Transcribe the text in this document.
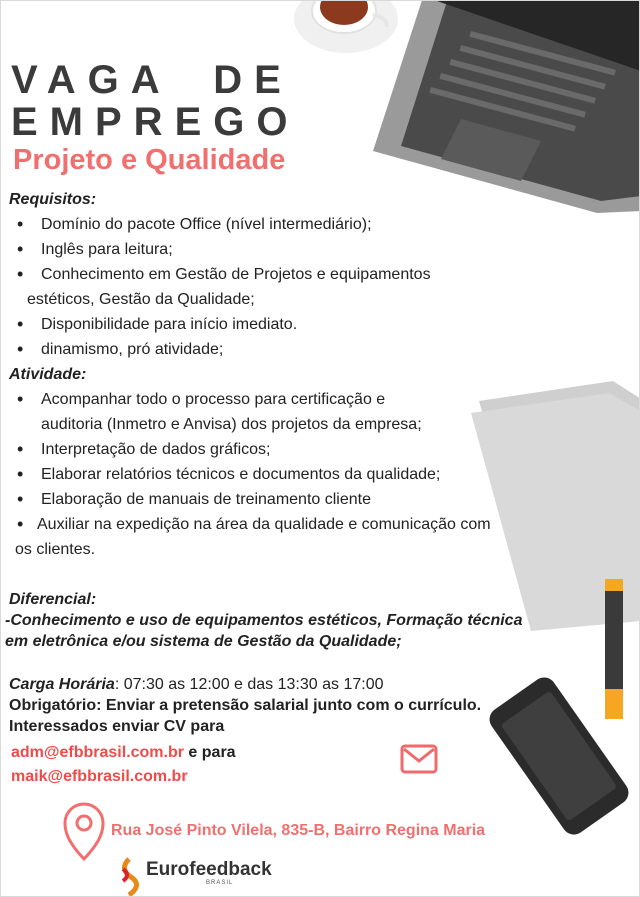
VAGA DE
EMPREGO
Projeto e Qualidade
Requisitos:
• Domínio do pacote Office (nível intermediário);
• Inglês para leitura;
• Conhecimento em Gestão de Projetos e equipamentos
estéticos, Gestão da Qualidade;
• Disponibilidade para início imediato.
• dinamismo, pró atividade;
Atividade:
• Acompanhar todo o processo para certificação e
auditoria (Inmetro e Anvisa) dos projetos da empresa;
• Interpretação de dados gráficos;
• Elaborar relatórios técnicos e documentos da qualidade;
• Elaboração de manuais de treinamento cliente
• Auxiliar na expedição na área da qualidade e comunicação com
os clientes.
Diferencial:
-Conhecimento e uso de equipamentos estéticos, Formação técnica
em eletrônica e/ou sistema de Gestão da Qualidade;
Carga Horária: 07:30 as 12:00 e das 13:30 as 17:00
Obrigatório: Enviar a pretensão salarial junto com o currículo.
Interessados enviar CV para
adm@efbbrasil.com.br e para
maik@efbbrasil.com.br
Rua José Pinto Vilela, 835-B, Bairro Regina Maria
Eurofeedback
BRASIL
